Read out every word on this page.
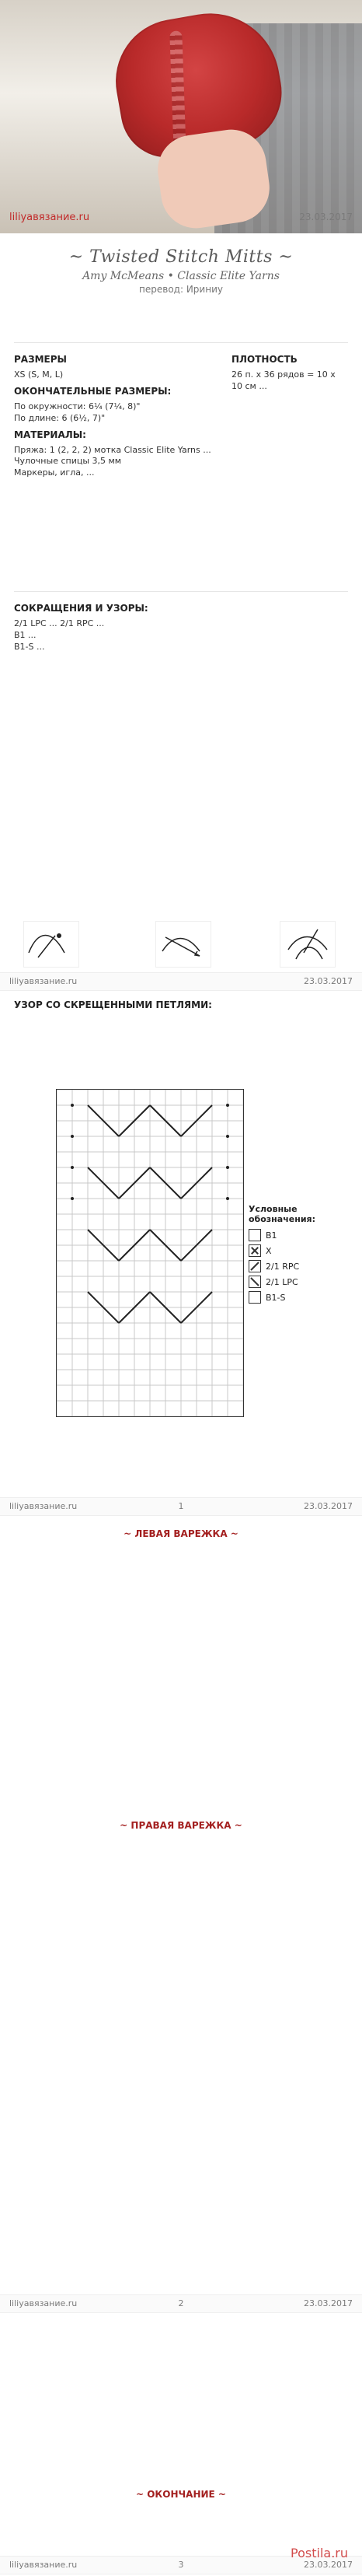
liliyaвязание.ru	23.03.2017
~ Twisted Stitch Mitts ~
Amy McMeans • Classic Elite Yarns
перевод: Ириниу
РАЗМЕРЫ

XS (S, M, L)

ОКОНЧАТЕЛЬНЫЕ РАЗМЕРЫ:

По окружности: 6¼ (7¼, 8)"
По длине: 6 (6½, 7)"

МАТЕРИАЛЫ:

Пряжа: 1 (2, 2, 2) мотка Classic Elite Yarns ...
Чулочные спицы 3,5 мм
Маркеры, игла, ...

ПЛОТНОСТЬ

26 п. x 36 рядов = 10 x 10 см ...

СОКРАЩЕНИЯ И УЗОРЫ:

2/1 LPC ... 2/1 RPC ...
B1 ...
B1-S ...

liliyaвязание.ru	23.03.2017
УЗОР СО СКРЕЩЕННЫМИ ПЕТЛЯМИ:

Условные обозначения:
В1
Х
2/1 RPC
2/1 LPC
B1-S
liliyaвязание.ru	1	23.03.2017
~ ЛЕВАЯ ВАРЕЖКА ~

~ ПРАВАЯ ВАРЕЖКА ~

liliyaвязание.ru	2	23.03.2017
~ ОКОНЧАНИЕ ~
liliyaвязание.ru	3	23.03.2017
Postila.ru
